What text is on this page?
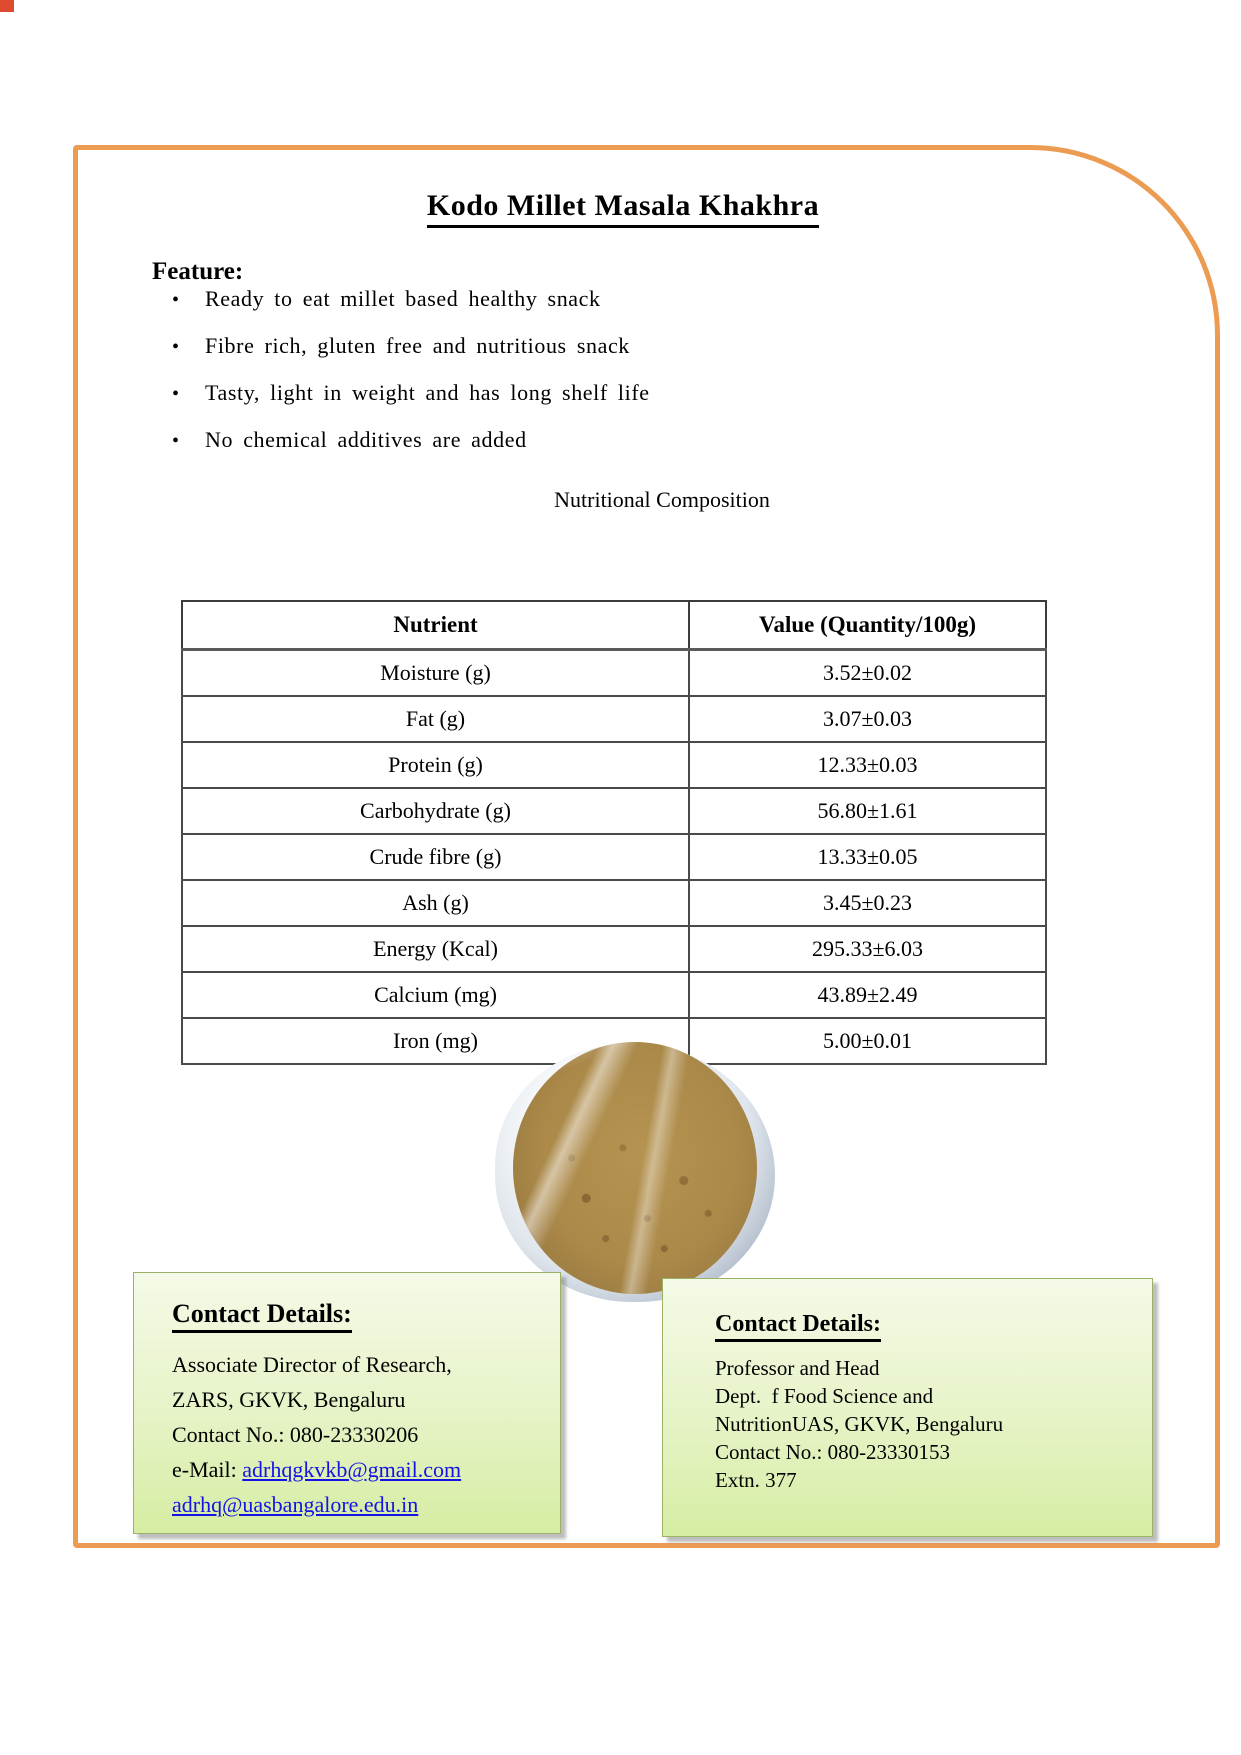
Kodo Millet Masala Khakhra
Feature:
• Ready to eat millet based healthy snack
• Fibre rich, gluten free and nutritious snack
• Tasty, light in weight and has long shelf life
• No chemical additives are added
Nutritional Composition
Nutrient	Value (Quantity/100g)
Moisture (g)	3.52±0.02
Fat (g)	3.07±0.03
Protein (g)	12.33±0.03
Carbohydrate (g)	56.80±1.61
Crude fibre (g)	13.33±0.05
Ash (g)	3.45±0.23
Energy (Kcal)	295.33±6.03
Calcium (mg)	43.89±2.49
Iron (mg)	5.00±0.01
Contact Details:
Associate Director of Research,
ZARS, GKVK, Bengaluru
Contact No.: 080-23330206
e-Mail: adrhqgkvkb@gmail.com
adrhq@uasbangalore.edu.in
Contact Details:
Professor and Head
Dept.  f Food Science and
NutritionUAS, GKVK, Bengaluru
Contact No.: 080-23330153
Extn. 377
